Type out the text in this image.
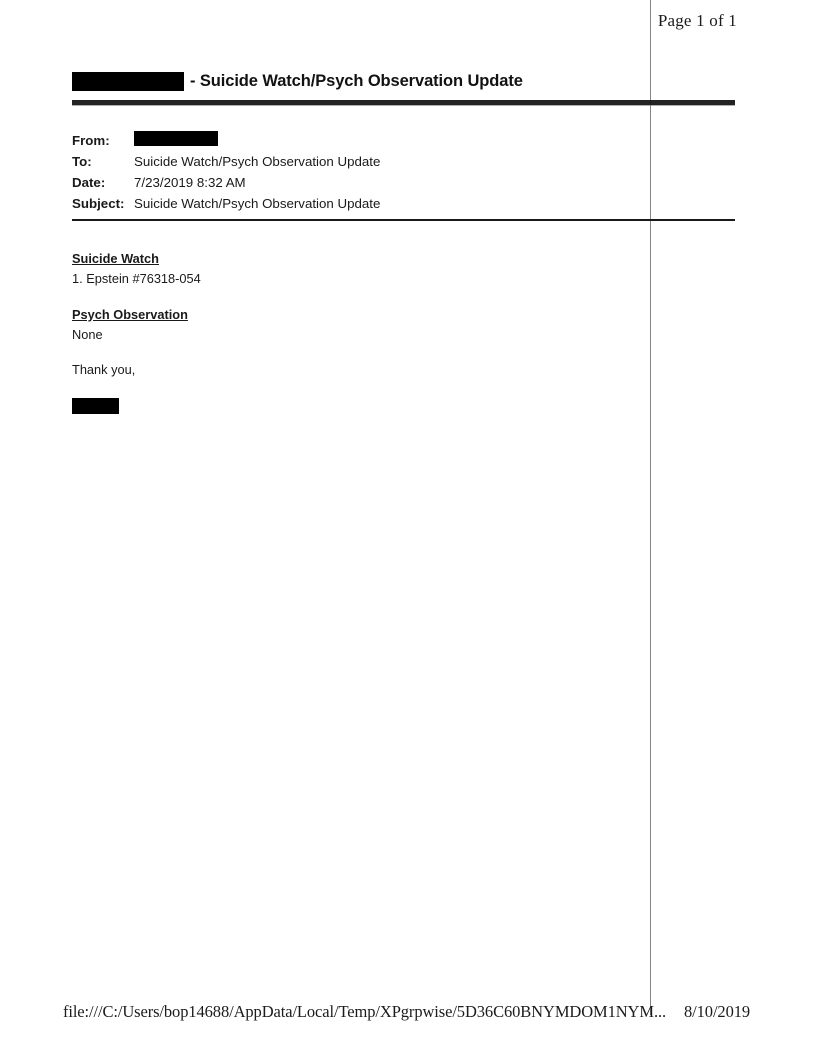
Page 1 of 1
- Suicide Watch/Psych Observation Update
From:
To:	Suicide Watch/Psych Observation Update
Date:	7/23/2019 8:32 AM
Subject: Suicide Watch/Psych Observation Update
Suicide Watch
1. Epstein #76318-054
Psych Observation
None
Thank you,
file:///C:/Users/bop14688/AppData/Local/Temp/XPgrpwise/5D36C60BNYMDOM1NYM... 8/10/2019
